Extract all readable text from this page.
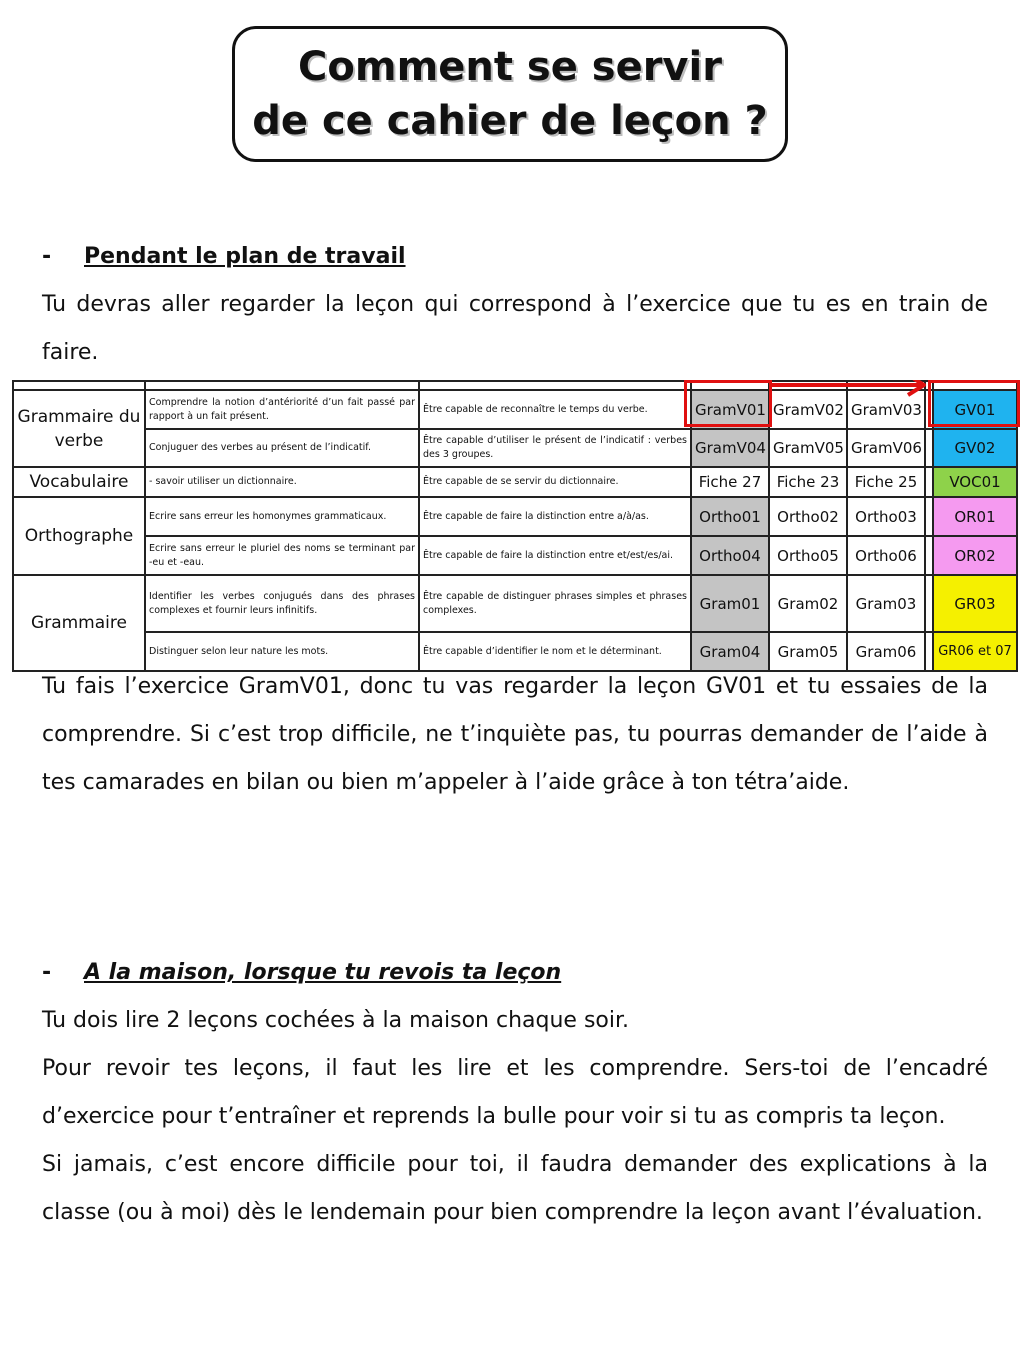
Comment se servir
de ce cahier de leçon ?
- Pendant le plan de travail

Tu devras aller regarder la leçon qui correspond à l’exercice que tu es en train de faire.

Grammaire du verbe	Comprendre la notion d’antériorité d’un fait passé par rapport à un fait présent.	Être capable de reconnaître le temps du verbe.	GramV01	GramV02	GramV03		GV01
	Conjuguer des verbes au présent de l’indicatif.	Être capable d’utiliser le présent de l’indicatif : verbes des 3 groupes.	GramV04	GramV05	GramV06		GV02
Vocabulaire	- savoir utiliser un dictionnaire.	Être capable de se servir du dictionnaire.	Fiche 27	Fiche 23	Fiche 25		VOC01
Orthographe	Ecrire sans erreur les homonymes grammaticaux.	Être capable de faire la distinction entre a/à/as.	Ortho01	Ortho02	Ortho03		OR01
	Ecrire sans erreur le pluriel des noms se terminant par -eu et -eau.	Être capable de faire la distinction entre et/est/es/ai.	Ortho04	Ortho05	Ortho06		OR02
Grammaire	Identifier les verbes conjugués dans des phrases complexes et fournir leurs infinitifs.	Être capable de distinguer phrases simples et phrases complexes.	Gram01	Gram02	Gram03		GR03
	Distinguer selon leur nature les mots.	Être capable d’identifier le nom et le déterminant.	Gram04	Gram05	Gram06		GR06 et 07

Tu fais l’exercice GramV01, donc tu vas regarder la leçon GV01 et tu essaies de la comprendre. Si c’est trop difficile, ne t’inquiète pas, tu pourras demander de l’aide à tes camarades en bilan ou bien m’appeler à l’aide grâce à ton tétra’aide.

- A la maison, lorsque tu revois ta leçon

Tu dois lire 2 leçons cochées à la maison chaque soir.

Pour revoir tes leçons, il faut les lire et les comprendre. Sers-toi de l’encadré d’exercice pour t’entraîner et reprends la bulle pour voir si tu as compris ta leçon.

Si jamais, c’est encore difficile pour toi, il faudra demander des explications à la classe (ou à moi) dès le lendemain pour bien comprendre la leçon avant l’évaluation.
